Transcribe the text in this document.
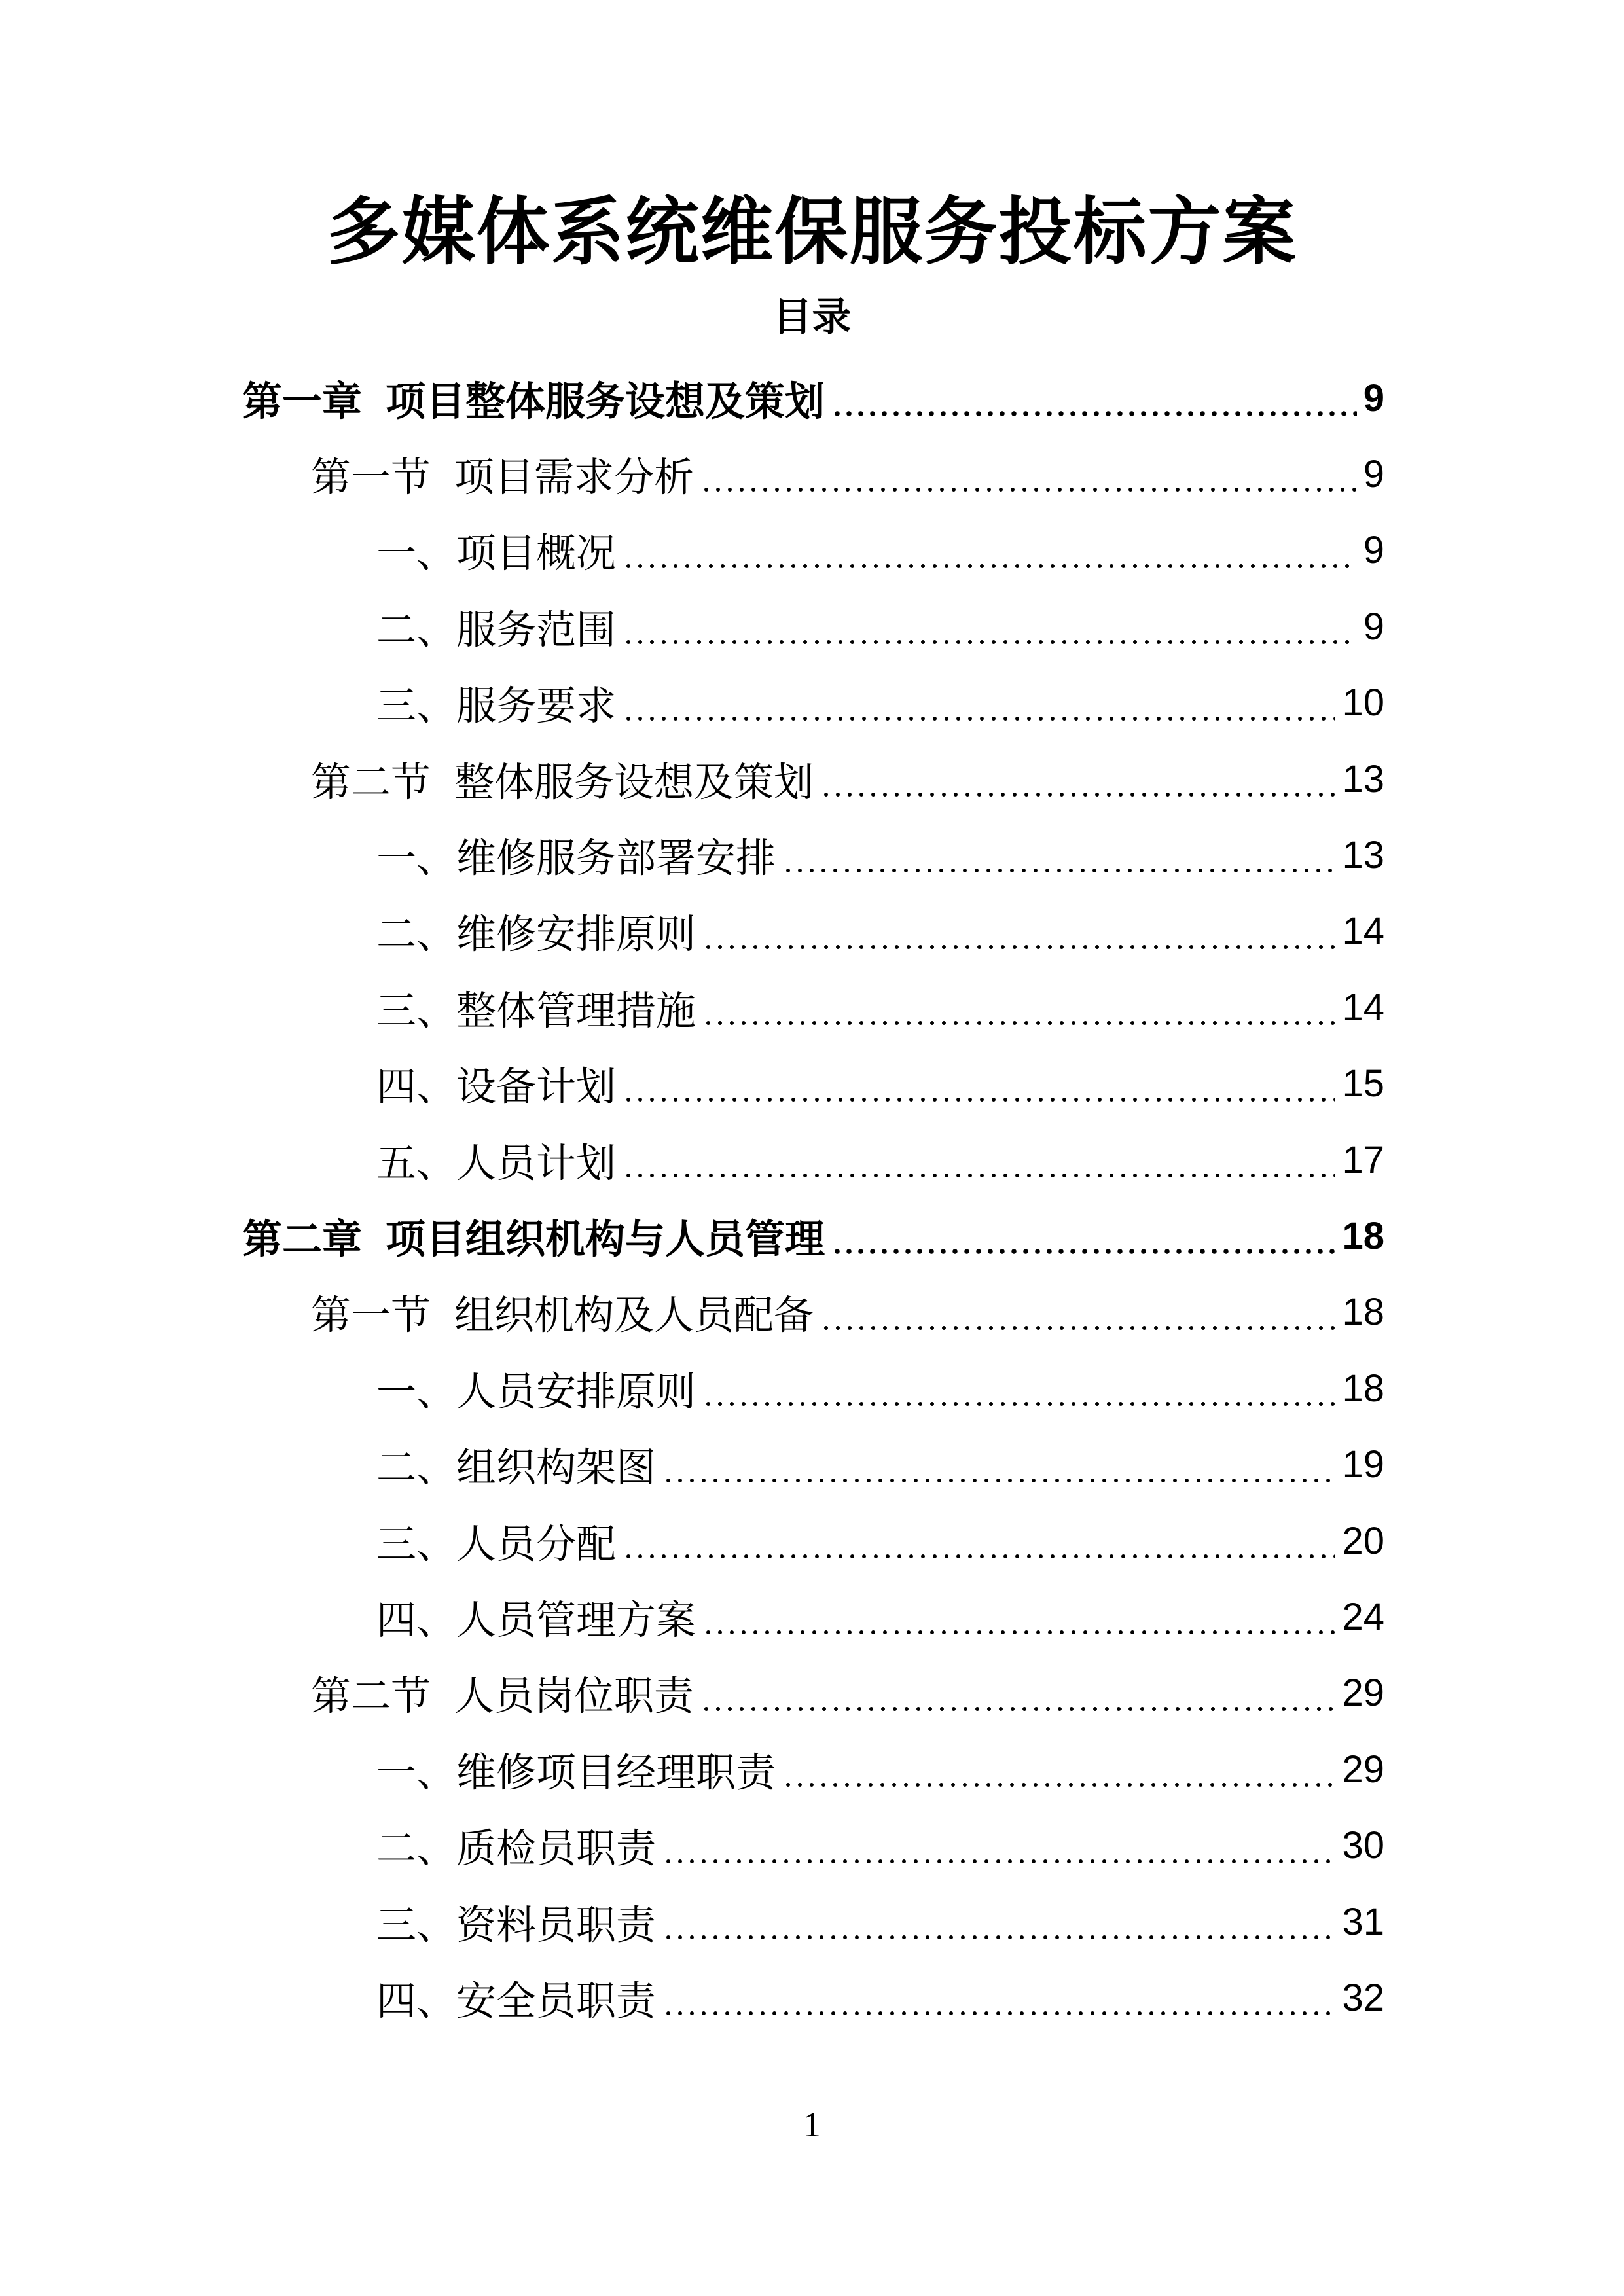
多媒体系统维保服务投标方案
目录
第一章 项目整体服务设想及策划	9
第一节 项目需求分析	9
一、项目概况	9
二、服务范围	9
三、服务要求	10
第二节 整体服务设想及策划	13
一、维修服务部署安排	13
二、维修安排原则	14
三、整体管理措施	14
四、设备计划	15
五、人员计划	17
第二章 项目组织机构与人员管理	18
第一节 组织机构及人员配备	18
一、人员安排原则	18
二、组织构架图	19
三、人员分配	20
四、人员管理方案	24
第二节 人员岗位职责	29
一、维修项目经理职责	29
二、质检员职责	30
三、资料员职责	31
四、安全员职责	32
1
